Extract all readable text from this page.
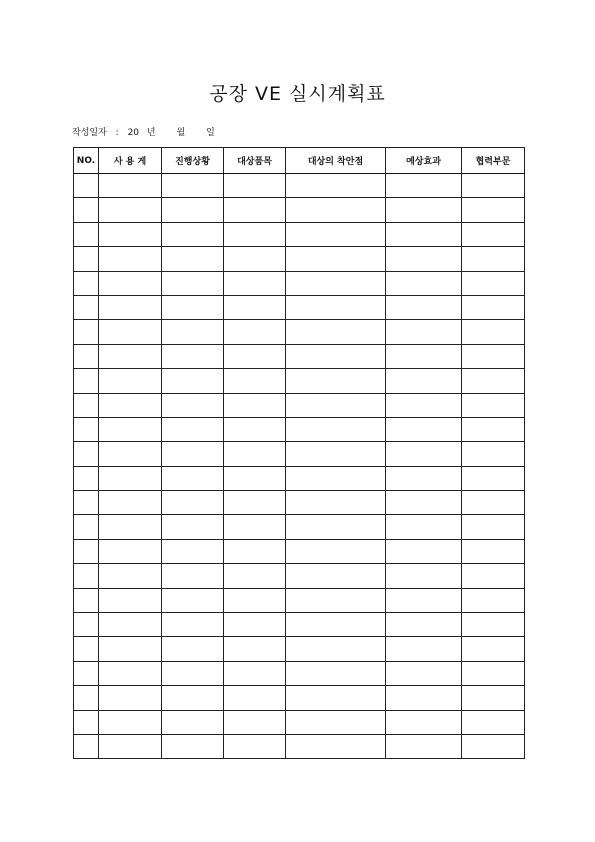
공장 VE 실시계획표
작성일자 : 20 년 월 일
NO.	사 용 게	진행상황	대상품목	대상의 착안점	예상효과	협력부문
